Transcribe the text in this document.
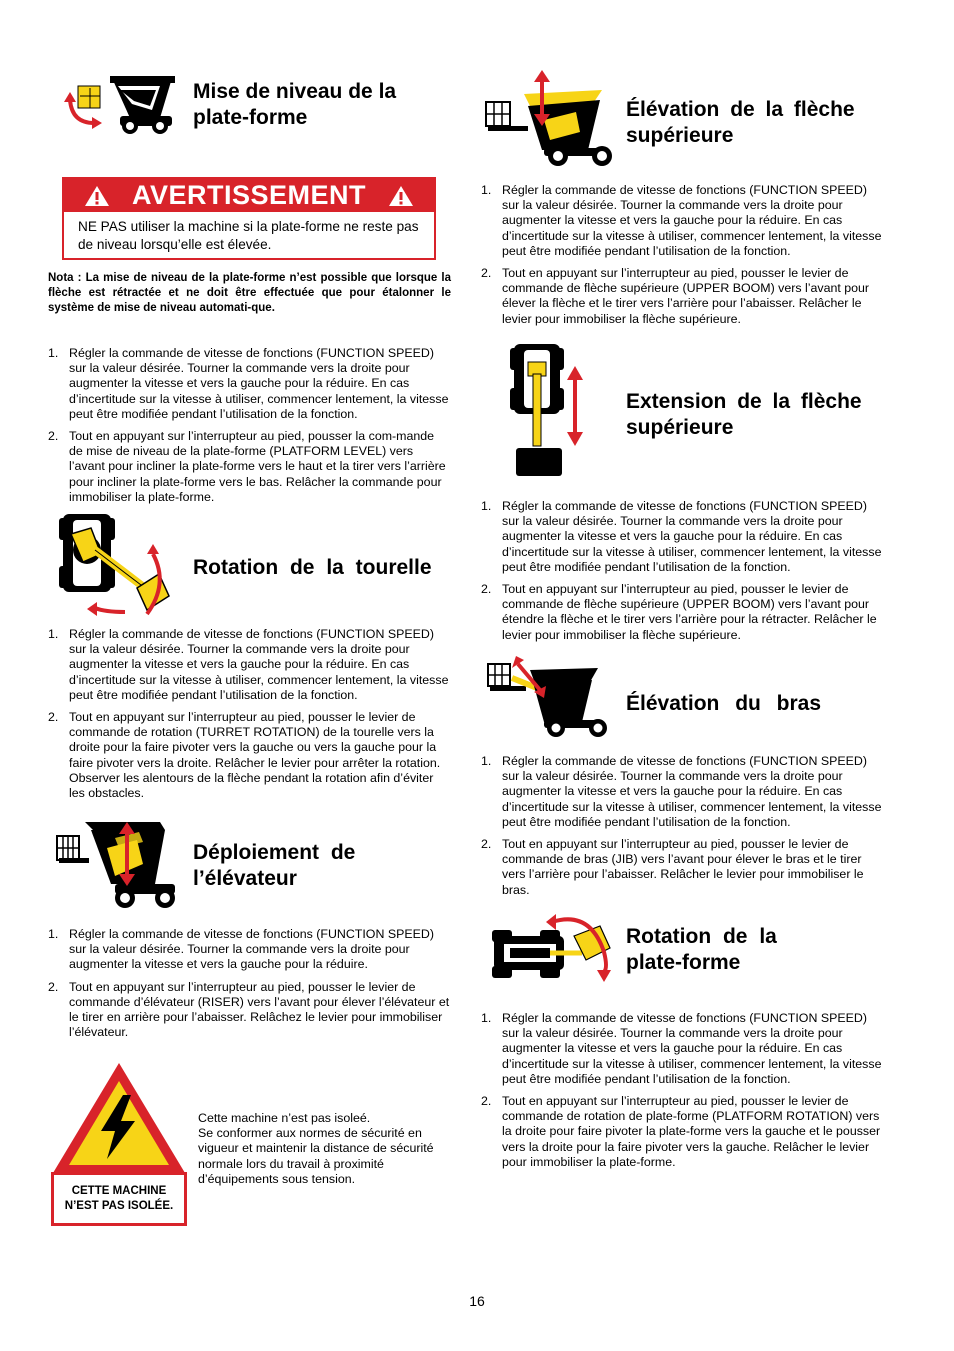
Mise de niveau de la
plate-forme
AVERTISSEMENT
NE PAS utiliser la machine si la plate-forme ne reste pas de niveau lorsqu’elle est élevée.
Nota : La mise de niveau de la plate-forme n’est possible que lorsque la flèche est rétractée et ne doit être effectuée que pour étalonner le système de mise de niveau automati-que.
1. Régler la commande de vitesse de fonctions (FUNCTION SPEED) sur la valeur désirée. Tourner la commande vers la droite pour augmenter la vitesse et vers la gauche pour la réduire. En cas d’incertitude sur la vitesse à utiliser, commencer lentement, la vitesse peut être modifiée pendant l’utilisation de la fonction.
2. Tout en appuyant sur l’interrupteur au pied, pousser la com-mande de mise de niveau de la plate-forme (PLATFORM LEVEL) vers l’avant pour incliner la plate-forme vers le haut et la tirer vers l’arrière pour incliner la plate-forme vers le bas. Relâcher la commande pour immobiliser la plate-forme.
Rotation de la tourelle
1. Régler la commande de vitesse de fonctions (FUNCTION SPEED) sur la valeur désirée. Tourner la commande vers la droite pour augmenter la vitesse et vers la gauche pour la réduire. En cas d’incertitude sur la vitesse à utiliser, commencer lentement, la vitesse peut être modifiée pendant l’utilisation de la fonction.
2. Tout en appuyant sur l’interrupteur au pied, pousser le levier de commande de rotation (TURRET ROTATION) de la tourelle vers la droite pour la faire pivoter vers la gauche ou vers la gauche pour la faire pivoter vers la droite. Relâcher le levier pour arrêter la rotation. Observer les alentours de la flèche pendant la rotation afin d’éviter les obstacles.
Déploiement de
l’élévateur
1. Régler la commande de vitesse de fonctions (FUNCTION SPEED) sur la valeur désirée. Tourner la commande vers la droite pour augmenter la vitesse et vers la gauche pour la réduire.
2. Tout en appuyant sur l’interrupteur au pied, pousser le levier de commande d’élévateur (RISER) vers l’avant pour élever l’élévateur et le tirer en arrière pour l’abaisser. Relâchez le levier pour immobiliser l’élévateur.
CETTE MACHINE
N’EST PAS ISOLÉE.
Cette machine n’est pas isoleé.
Se conformer aux normes de sécurité en vigueur et maintenir la distance de sécurité normale lors du travail à proximité d’équipements sous tension.
Élévation de la flèche
supérieure
1. Régler la commande de vitesse de fonctions (FUNCTION SPEED) sur la valeur désirée. Tourner la commande vers la droite pour augmenter la vitesse et vers la gauche pour la réduire. En cas d’incertitude sur la vitesse à utiliser, commencer lentement, la vitesse peut être modifiée pendant l’utilisation de la fonction.
2. Tout en appuyant sur l’interrupteur au pied, pousser le levier de commande de flèche supérieure (UPPER BOOM) vers l’avant pour élever la flèche et le tirer vers l’arrière pour l’abaisser. Relâcher le levier pour immobiliser la flèche supérieure.
Extension de la flèche
supérieure
1. Régler la commande de vitesse de fonctions (FUNCTION SPEED) sur la valeur désirée. Tourner la commande vers la droite pour augmenter la vitesse et vers la gauche pour la réduire. En cas d’incertitude sur la vitesse à utiliser, commencer lentement, la vitesse peut être modifiée pendant l’utilisation de la fonction.
2. Tout en appuyant sur l’interrupteur au pied, pousser le levier de commande de flèche supérieure (UPPER BOOM) vers l’avant pour étendre la flèche et le tirer vers l’arrière pour la rétracter. Relâcher le levier pour immobiliser la flèche supérieure.
Élévation du bras
1. Régler la commande de vitesse de fonctions (FUNCTION SPEED) sur la valeur désirée. Tourner la commande vers la droite pour augmenter la vitesse et vers la gauche pour la réduire. En cas d’incertitude sur la vitesse à utiliser, commencer lentement, la vitesse peut être modifiée pendant l’utilisation de la fonction.
2. Tout en appuyant sur l’interrupteur au pied, pousser le levier de commande de bras (JIB) vers l’avant pour élever le bras et le tirer vers l’arrière pour l’abaisser. Relâcher le levier pour immobiliser le bras.
Rotation de la
plate-forme
1. Régler la commande de vitesse de fonctions (FUNCTION SPEED) sur la valeur désirée. Tourner la commande vers la droite pour augmenter la vitesse et vers la gauche pour la réduire. En cas d’incertitude sur la vitesse à utiliser, commencer lentement, la vitesse peut être modifiée pendant l’utilisation de la fonction.
2. Tout en appuyant sur l’interrupteur au pied, pousser le levier de commande de rotation de plate-forme (PLATFORM ROTATION) vers la droite pour faire pivoter la plate-forme vers la gauche et le pousser vers la droite pour la faire pivoter vers la gauche. Relâcher le levier pour immobiliser la plate-forme.
16
